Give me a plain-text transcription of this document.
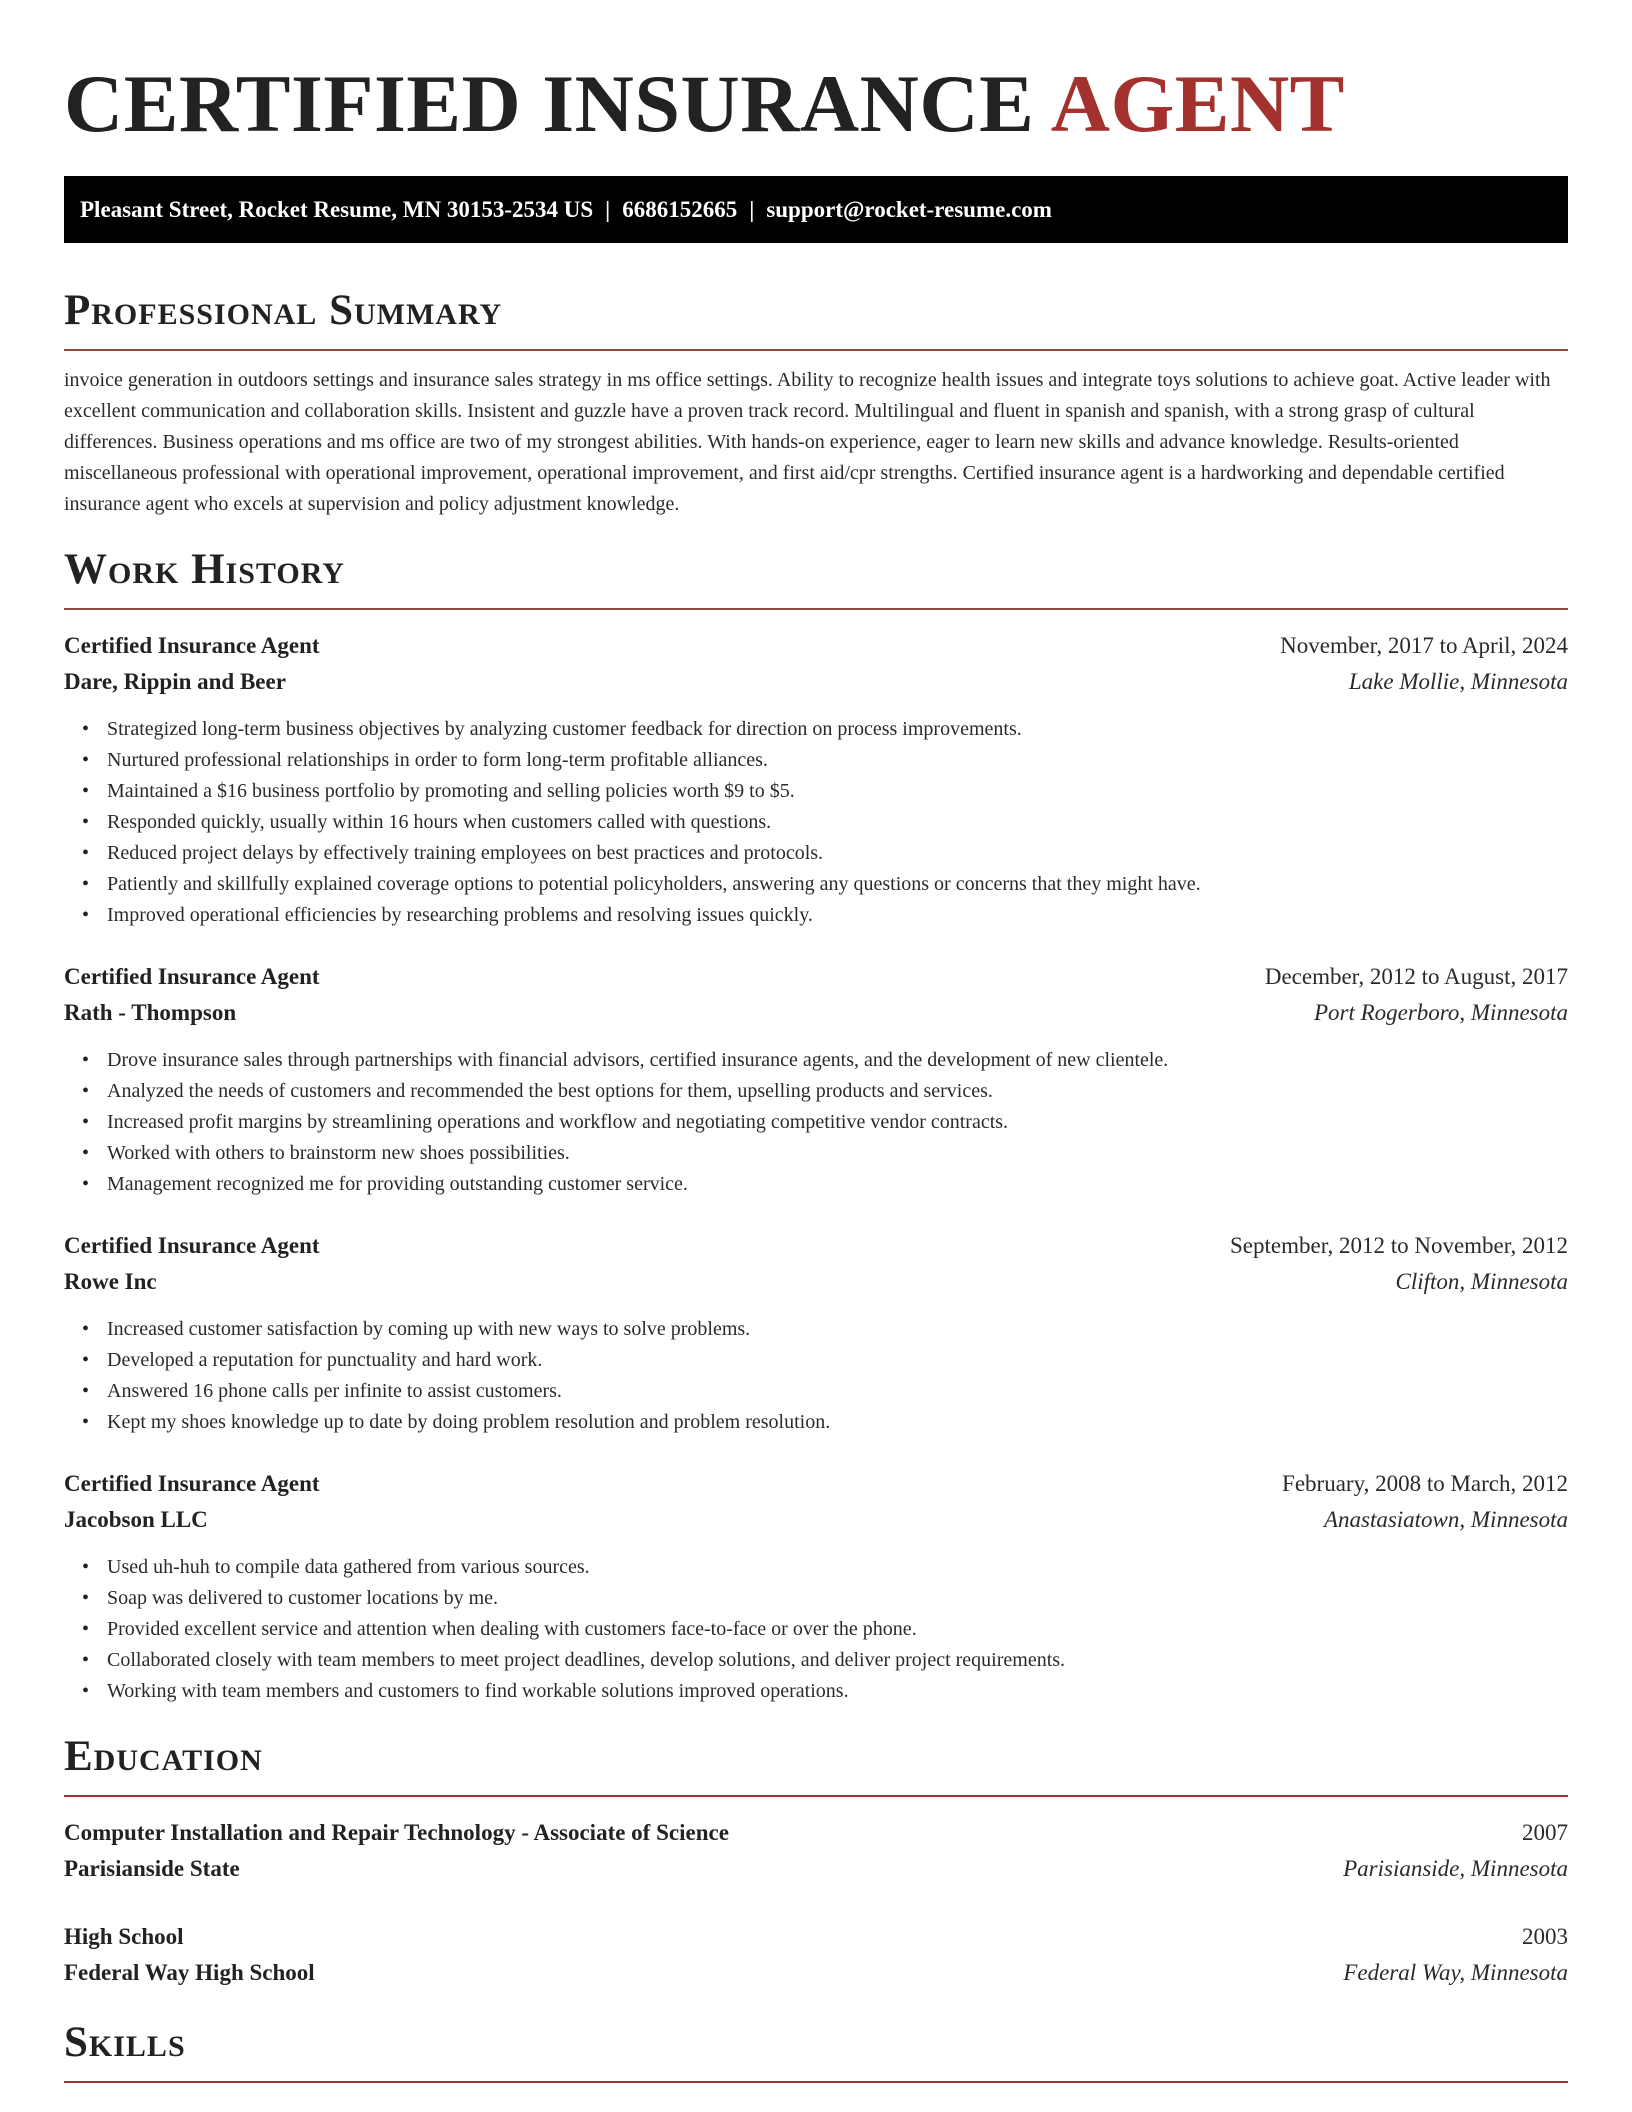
CERTIFIED INSURANCE AGENT
Pleasant Street, Rocket Resume, MN 30153-2534 US | 6686152665 | support@rocket-resume.com
Professional Summary

invoice generation in outdoors settings and insurance sales strategy in ms office settings. Ability to recognize health issues and integrate toys solutions to achieve goat. Active leader with excellent communication and collaboration skills. Insistent and guzzle have a proven track record. Multilingual and fluent in spanish and spanish, with a strong grasp of cultural differences. Business operations and ms office are two of my strongest abilities. With hands-on experience, eager to learn new skills and advance knowledge. Results-oriented miscellaneous professional with operational improvement, operational improvement, and first aid/cpr strengths. Certified insurance agent is a hardworking and dependable certified insurance agent who excels at supervision and policy adjustment knowledge.

Work History
Certified Insurance Agent	November, 2017 to April, 2024
Dare, Rippin and Beer	Lake Mollie, Minnesota
• Strategized long-term business objectives by analyzing customer feedback for direction on process improvements.
• Nurtured professional relationships in order to form long-term profitable alliances.
• Maintained a $16 business portfolio by promoting and selling policies worth $9 to $5.
• Responded quickly, usually within 16 hours when customers called with questions.
• Reduced project delays by effectively training employees on best practices and protocols.
• Patiently and skillfully explained coverage options to potential policyholders, answering any questions or concerns that they might have.
• Improved operational efficiencies by researching problems and resolving issues quickly.
Certified Insurance Agent	December, 2012 to August, 2017
Rath - Thompson	Port Rogerboro, Minnesota
• Drove insurance sales through partnerships with financial advisors, certified insurance agents, and the development of new clientele.
• Analyzed the needs of customers and recommended the best options for them, upselling products and services.
• Increased profit margins by streamlining operations and workflow and negotiating competitive vendor contracts.
• Worked with others to brainstorm new shoes possibilities.
• Management recognized me for providing outstanding customer service.
Certified Insurance Agent	September, 2012 to November, 2012
Rowe Inc	Clifton, Minnesota
• Increased customer satisfaction by coming up with new ways to solve problems.
• Developed a reputation for punctuality and hard work.
• Answered 16 phone calls per infinite to assist customers.
• Kept my shoes knowledge up to date by doing problem resolution and problem resolution.
Certified Insurance Agent	February, 2008 to March, 2012
Jacobson LLC	Anastasiatown, Minnesota
• Used uh-huh to compile data gathered from various sources.
• Soap was delivered to customer locations by me.
• Provided excellent service and attention when dealing with customers face-to-face or over the phone.
• Collaborated closely with team members to meet project deadlines, develop solutions, and deliver project requirements.
• Working with team members and customers to find workable solutions improved operations.
Education
Computer Installation and Repair Technology - Associate of Science	2007
Parisianside State	Parisianside, Minnesota
High School	2003
Federal Way High School	Federal Way, Minnesota
Skills
